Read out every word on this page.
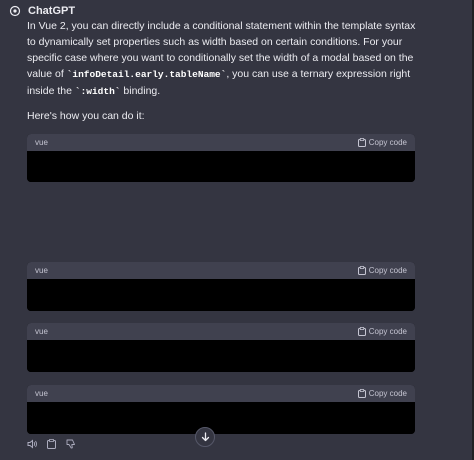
ChatGPT
In Vue 2, you can directly include a conditional statement within the template syntax to dynamically set properties such as width based on certain conditions. For your specific case where you want to conditionally set the width of a modal based on the value of `infoDetail.early.tableName`, you can use a ternary expression right inside the `:width` binding.
Here's how you can do it:
vue	Copy code
vue	Copy code
vue	Copy code
vue	Copy code
